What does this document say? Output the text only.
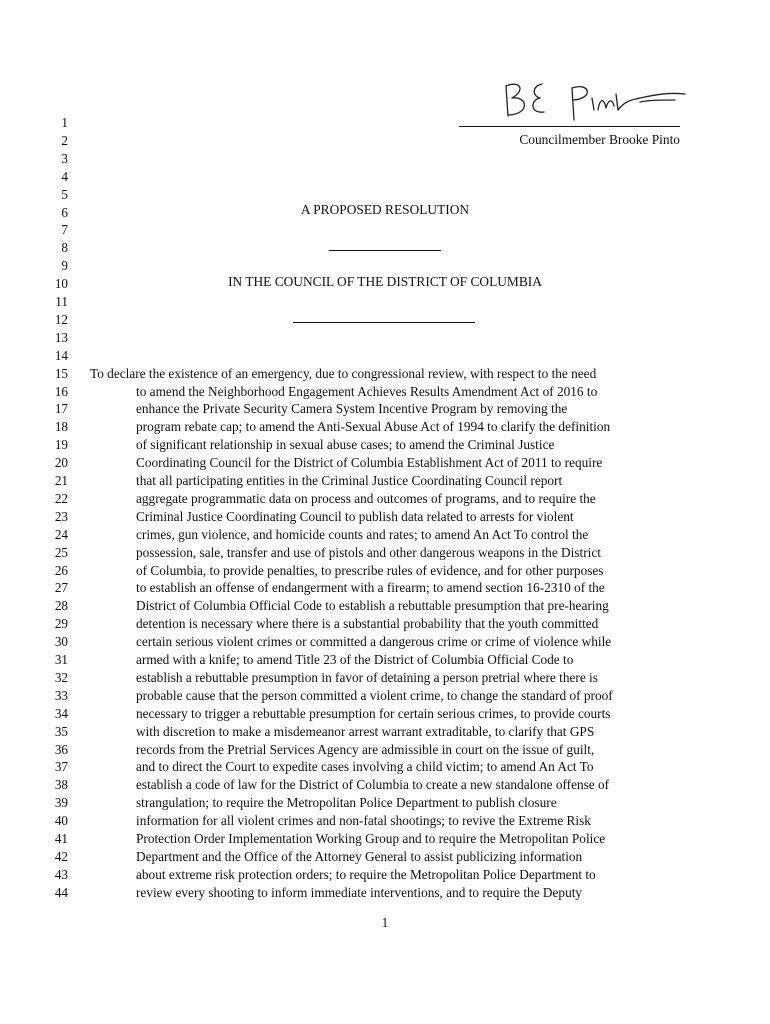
Councilmember Brooke Pinto
A PROPOSED RESOLUTION
IN THE COUNCIL OF THE DISTRICT OF COLUMBIA
1
2
3
4
5
6
7
8
9
10
11
12
13
14
15
16
17
18
19
20
21
22
23
24
25
26
27
28
29
30
31
32
33
34
35
36
37
38
39
40
41
42
43
44
To declare the existence of an emergency, due to congressional review, with respect to the need
to amend the Neighborhood Engagement Achieves Results Amendment Act of 2016 to
enhance the Private Security Camera System Incentive Program by removing the
program rebate cap; to amend the Anti-Sexual Abuse Act of 1994 to clarify the definition
of significant relationship in sexual abuse cases; to amend the Criminal Justice
Coordinating Council for the District of Columbia Establishment Act of 2011 to require
that all participating entities in the Criminal Justice Coordinating Council report
aggregate programmatic data on process and outcomes of programs, and to require the
Criminal Justice Coordinating Council to publish data related to arrests for violent
crimes, gun violence, and homicide counts and rates; to amend An Act To control the
possession, sale, transfer and use of pistols and other dangerous weapons in the District
of Columbia, to provide penalties, to prescribe rules of evidence, and for other purposes
to establish an offense of endangerment with a firearm; to amend section 16-2310 of the
District of Columbia Official Code to establish a rebuttable presumption that pre-hearing
detention is necessary where there is a substantial probability that the youth committed
certain serious violent crimes or committed a dangerous crime or crime of violence while
armed with a knife; to amend Title 23 of the District of Columbia Official Code to
establish a rebuttable presumption in favor of detaining a person pretrial where there is
probable cause that the person committed a violent crime, to change the standard of proof
necessary to trigger a rebuttable presumption for certain serious crimes, to provide courts
with discretion to make a misdemeanor arrest warrant extraditable, to clarify that GPS
records from the Pretrial Services Agency are admissible in court on the issue of guilt,
and to direct the Court to expedite cases involving a child victim; to amend An Act To
establish a code of law for the District of Columbia to create a new standalone offense of
strangulation; to require the Metropolitan Police Department to publish closure
information for all violent crimes and non-fatal shootings; to revive the Extreme Risk
Protection Order Implementation Working Group and to require the Metropolitan Police
Department and the Office of the Attorney General to assist publicizing information
about extreme risk protection orders; to require the Metropolitan Police Department to
review every shooting to inform immediate interventions, and to require the Deputy
1
